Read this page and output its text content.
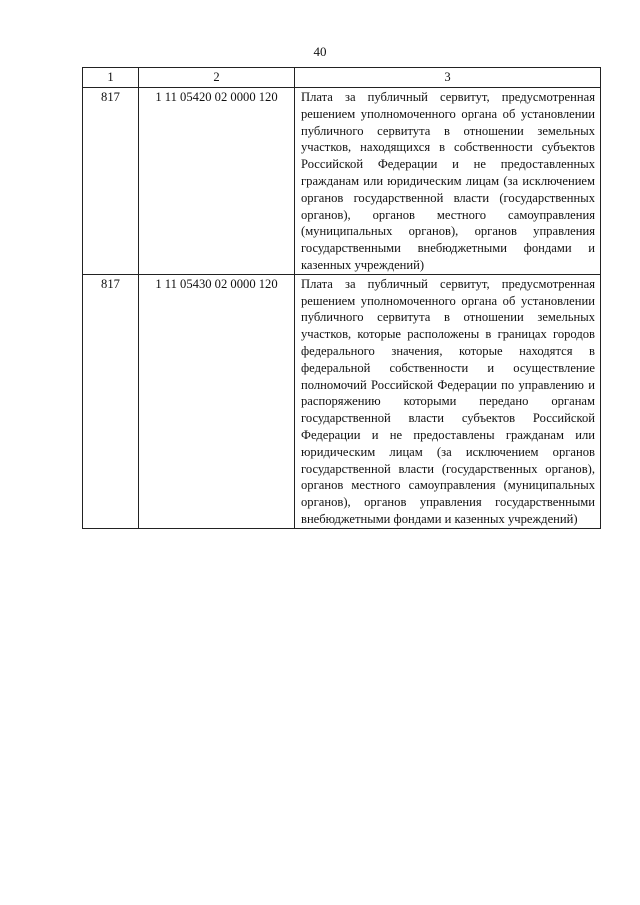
40
1	2	3
817	1 11 05420 02 0000 120	Плата за публичный сервитут, предусмотренная решением уполномоченного органа об установлении публичного сервитута в отношении земельных участков, находящихся в собственности субъектов Российской Федерации и не предоставленных гражданам или юридическим лицам (за исключением органов государственной власти (государственных органов), органов местного самоуправления (муниципальных органов), органов управления государственными внебюджетными фондами и казенных учреждений)
817	1 11 05430 02 0000 120	Плата за публичный сервитут, предусмотренная решением уполномоченного органа об установлении публичного сервитута в отношении земельных участков, которые расположены в границах городов федерального значения, которые находятся в федеральной собственности и осуществление полномочий Российской Федерации по управлению и распоряжению которыми передано органам государственной власти субъектов Российской Федерации и не предоставлены гражданам или юридическим лицам (за исключением органов государственной власти (государственных органов), органов местного самоуправления (муниципальных органов), органов управления государственными внебюджетными фондами и казенных учреждений)
